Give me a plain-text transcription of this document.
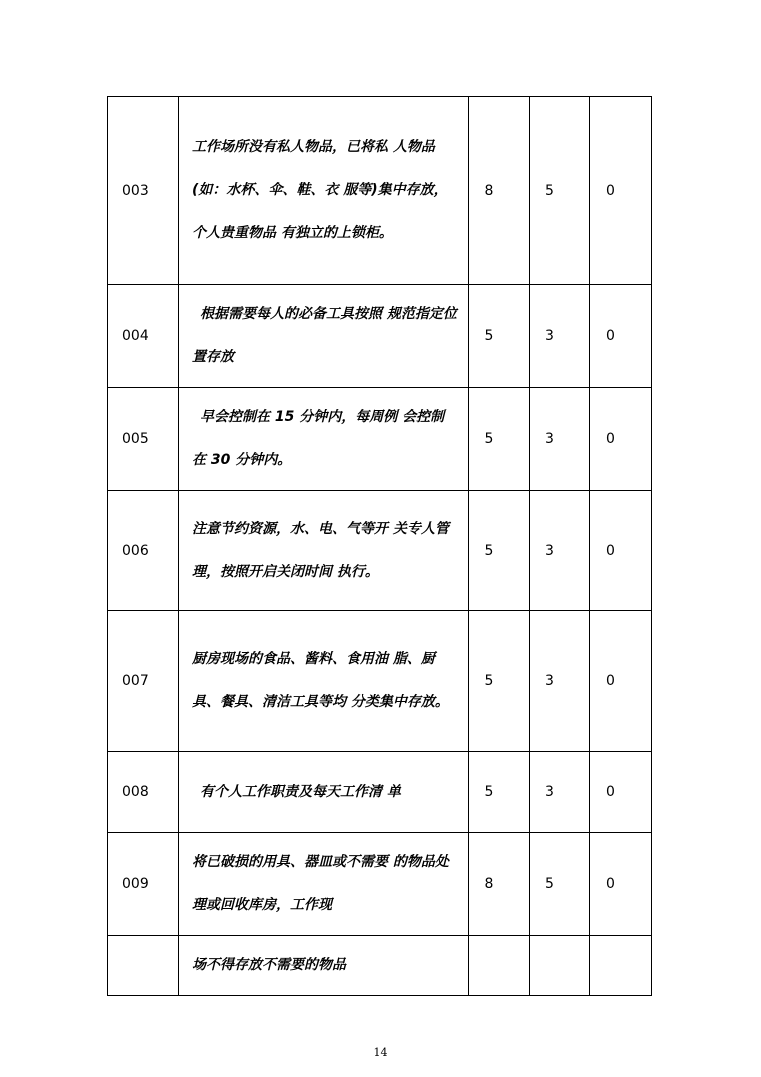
003	工作场所没有私人物品，已将私 人物品(如：水杯、伞、鞋、衣 服等)集中存放，个人贵重物品 有独立的上锁柜。	8	5	0
004	根据需要每人的必备工具按照 规范指定位置存放	5	3	0
005	早会控制在 15 分钟内，每周例 会控制在 30 分钟内。	5	3	0
006	注意节约资源，水、电、气等开 关专人管理，按照开启关闭时间 执行。	5	3	0
007	厨房现场的食品、酱料、食用油 脂、厨具、餐具、清洁工具等均 分类集中存放。	5	3	0
008	有个人工作职责及每天工作清 单	5	3	0
009	将已破损的用具、器皿或不需要 的物品处理或回收库房，工作现	8	5	0
	场不得存放不需要的物品			
14
